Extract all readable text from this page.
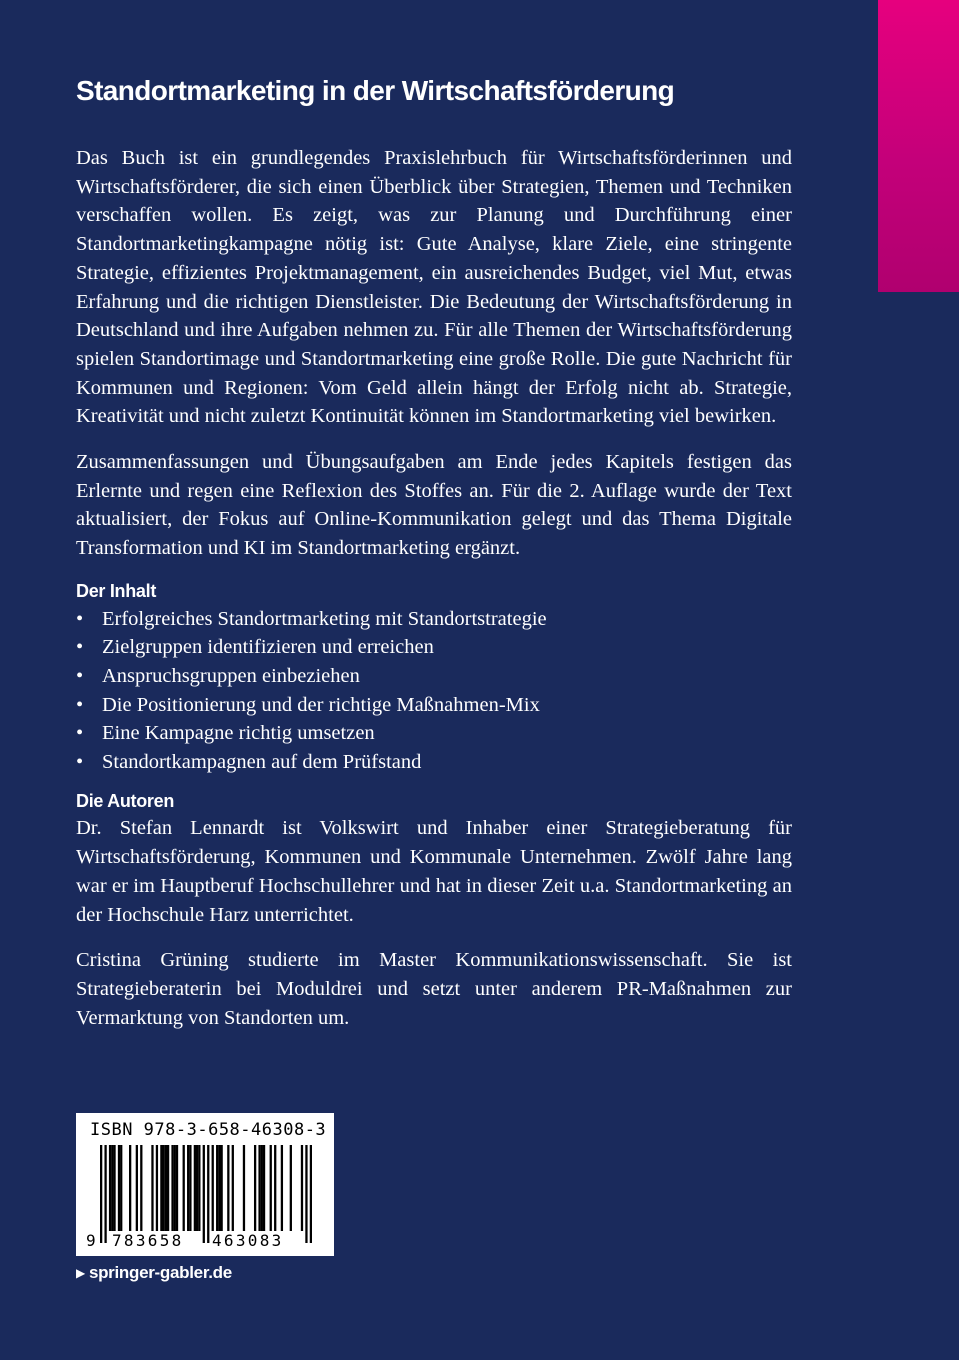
Standortmarketing in der Wirtschaftsförderung

Das Buch ist ein grundlegendes Praxislehrbuch für Wirtschaftsförderinnen und Wirtschaftsförderer, die sich einen Überblick über Strategien, Themen und Techniken verschaffen wollen. Es zeigt, was zur Planung und Durchführung einer Standortmarketingkampagne nötig ist: Gute Analyse, klare Ziele, eine stringente Strategie, effizientes Projektmanagement, ein ausreichendes Budget, viel Mut, etwas Erfahrung und die richtigen Dienstleister. Die Bedeutung der Wirtschaftsförderung in Deutschland und ihre Aufgaben nehmen zu. Für alle Themen der Wirtschaftsförderung spielen Standortimage und Standortmarketing eine große Rolle. Die gute Nachricht für Kommunen und Regionen: Vom Geld allein hängt der Erfolg nicht ab. Strategie, Kreativität und nicht zuletzt Kontinuität können im Standortmarketing viel bewirken.

Zusammenfassungen und Übungsaufgaben am Ende jedes Kapitels festigen das Erlernte und regen eine Reflexion des Stoffes an. Für die 2. Auflage wurde der Text aktualisiert, der Fokus auf Online-Kommunikation gelegt und das Thema Digitale Transformation und KI im Standortmarketing ergänzt.

Der Inhalt
• Erfolgreiches Standortmarketing mit Standortstrategie
• Zielgruppen identifizieren und erreichen
• Anspruchsgruppen einbeziehen
• Die Positionierung und der richtige Maßnahmen-Mix
• Eine Kampagne richtig umsetzen
• Standortkampagnen auf dem Prüfstand
Die Autoren

Dr. Stefan Lennardt ist Volkswirt und Inhaber einer Strategieberatung für Wirtschaftsförderung, Kommunen und Kommunale Unternehmen. Zwölf Jahre lang war er im Hauptberuf Hochschullehrer und hat in dieser Zeit u.a. Standortmarketing an der Hochschule Harz unterrichtet.

Cristina Grüning studierte im Master Kommunikationswissenschaft. Sie ist Strategieberaterin bei Moduldrei und setzt unter anderem PR-Maßnahmen zur Vermarktung von Standorten um.

ISBN 978-3-658-46308-3
9	783658 463083
▶ springer-gabler.de
